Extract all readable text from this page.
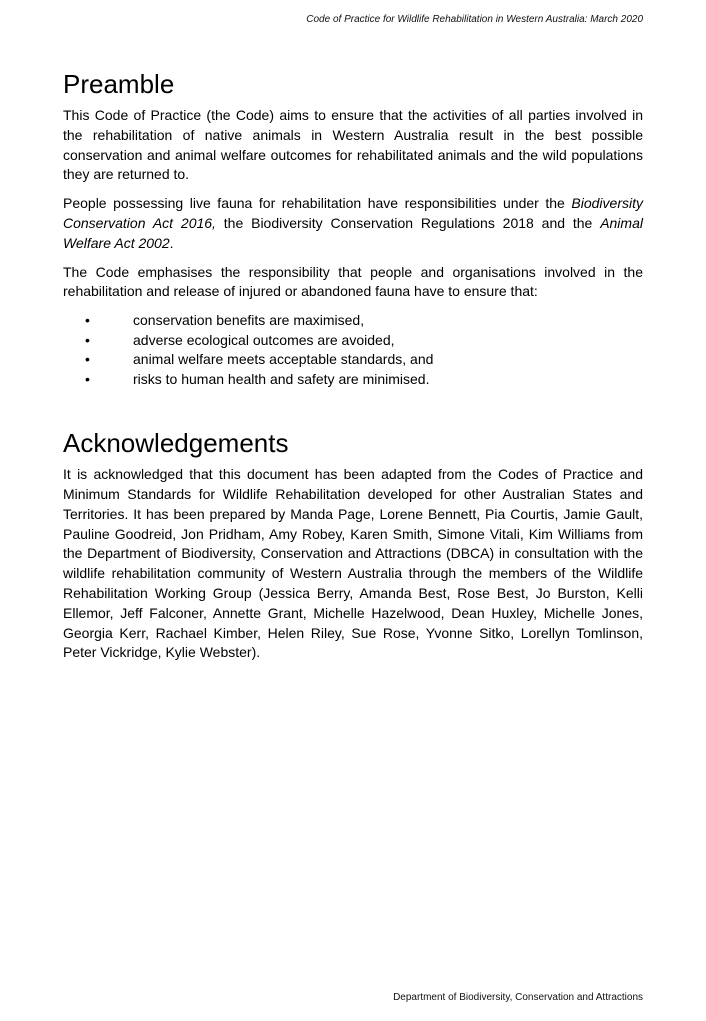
Code of Practice for Wildlife Rehabilitation in Western Australia: March 2020
Preamble

This Code of Practice (the Code) aims to ensure that the activities of all parties involved in the rehabilitation of native animals in Western Australia result in the best possible conservation and animal welfare outcomes for rehabilitated animals and the wild populations they are returned to.

People possessing live fauna for rehabilitation have responsibilities under the Biodiversity Conservation Act 2016, the Biodiversity Conservation Regulations 2018 and the Animal Welfare Act 2002.

The Code emphasises the responsibility that people and organisations involved in the rehabilitation and release of injured or abandoned fauna have to ensure that:

•	conservation benefits are maximised,
•	adverse ecological outcomes are avoided,
•	animal welfare meets acceptable standards, and
•	risks to human health and safety are minimised.
Acknowledgements

It is acknowledged that this document has been adapted from the Codes of Practice and Minimum Standards for Wildlife Rehabilitation developed for other Australian States and Territories. It has been prepared by Manda Page, Lorene Bennett, Pia Courtis, Jamie Gault, Pauline Goodreid, Jon Pridham, Amy Robey, Karen Smith, Simone Vitali, Kim Williams from the Department of Biodiversity, Conservation and Attractions (DBCA) in consultation with the wildlife rehabilitation community of Western Australia through the members of the Wildlife Rehabilitation Working Group (Jessica Berry, Amanda Best, Rose Best, Jo Burston, Kelli Ellemor, Jeff Falconer, Annette Grant, Michelle Hazelwood, Dean Huxley, Michelle Jones, Georgia Kerr, Rachael Kimber, Helen Riley, Sue Rose, Yvonne Sitko, Lorellyn Tomlinson, Peter Vickridge, Kylie Webster).

Department of Biodiversity, Conservation and Attractions
